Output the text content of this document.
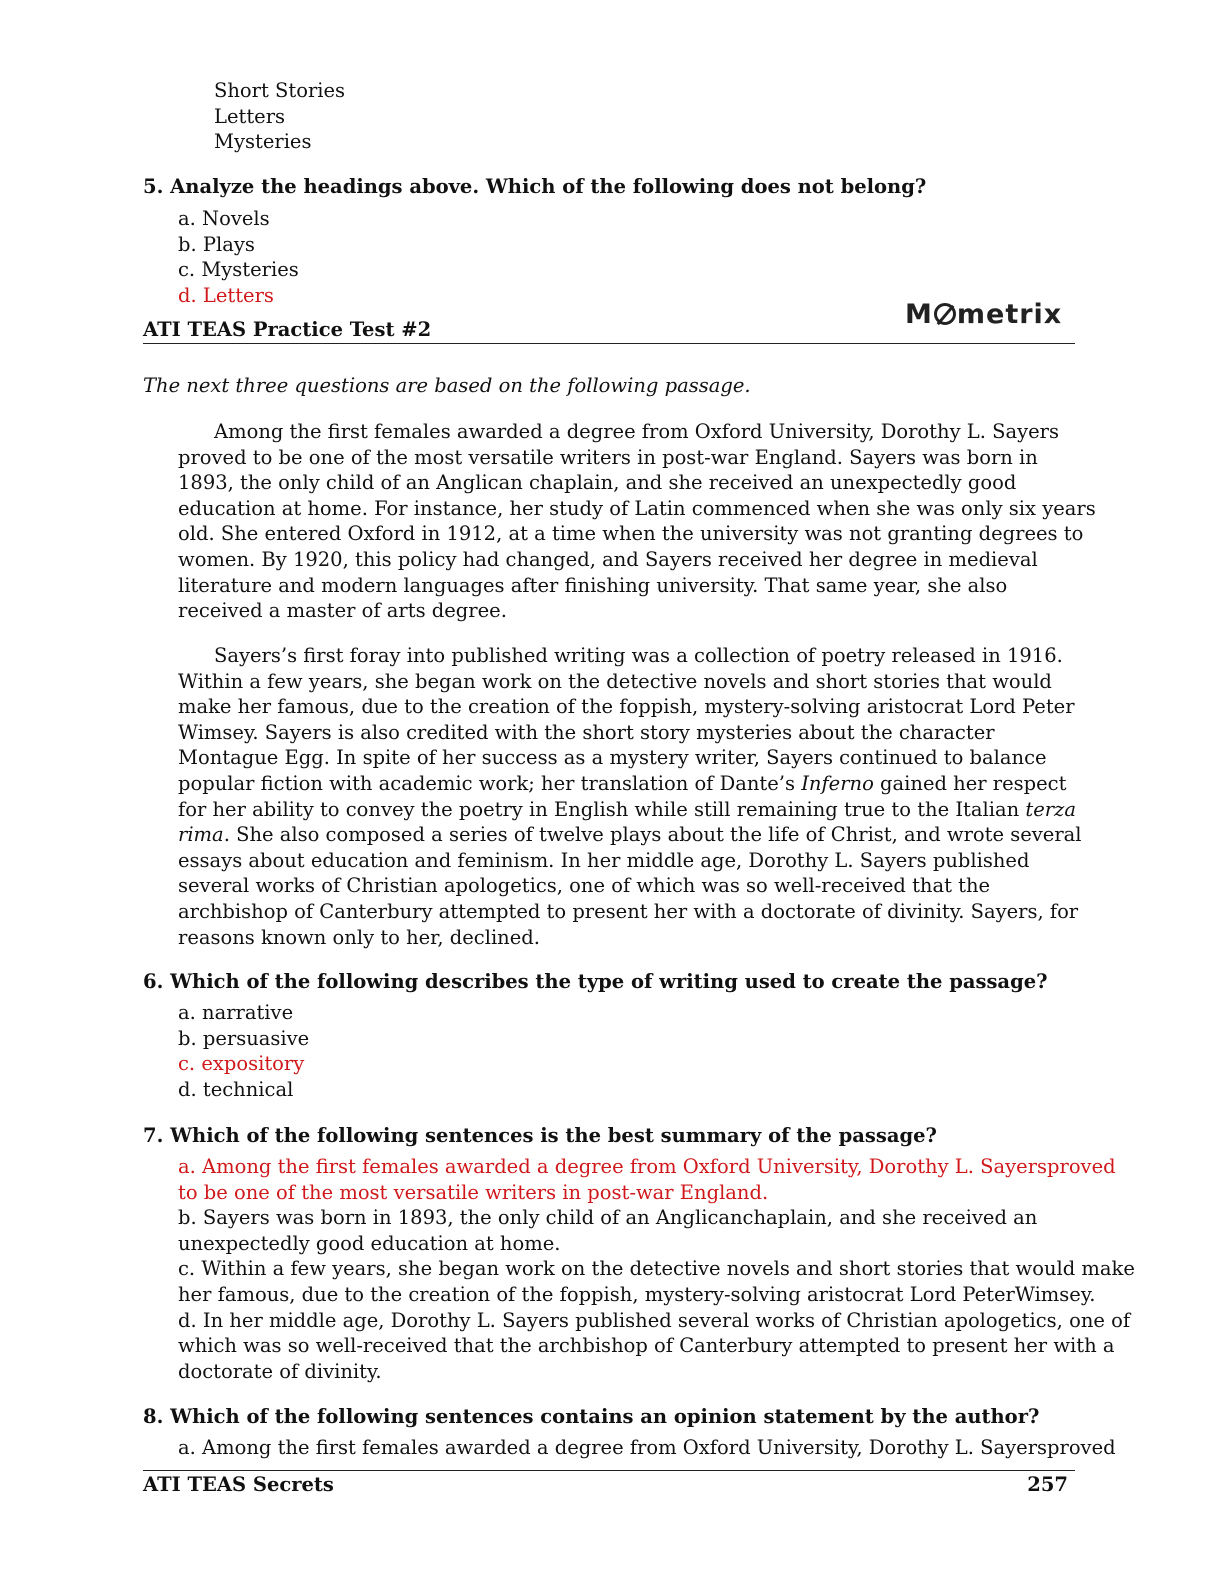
Short Stories
Letters
Mysteries
5. Analyze the headings above. Which of the following does not belong?
a. Novels
b. Plays
c. Mysteries
d. Letters
ATI TEAS Practice Test #2	M metrix
The next three questions are based on the following passage.
Among the first females awarded a degree from Oxford University, Dorothy L. Sayers
proved to be one of the most versatile writers in post-war England. Sayers was born in
1893, the only child of an Anglican chaplain, and she received an unexpectedly good
education at home. For instance, her study of Latin commenced when she was only six years
old. She entered Oxford in 1912, at a time when the university was not granting degrees to
women. By 1920, this policy had changed, and Sayers received her degree in medieval
literature and modern languages after finishing university. That same year, she also
received a master of arts degree.
Sayers’s first foray into published writing was a collection of poetry released in 1916.
Within a few years, she began work on the detective novels and short stories that would
make her famous, due to the creation of the foppish, mystery-solving aristocrat Lord Peter
Wimsey. Sayers is also credited with the short story mysteries about the character
Montague Egg. In spite of her success as a mystery writer, Sayers continued to balance
popular fiction with academic work; her translation of Dante’s Inferno gained her respect
for her ability to convey the poetry in English while still remaining true to the Italian terza
rima. She also composed a series of twelve plays about the life of Christ, and wrote several
essays about education and feminism. In her middle age, Dorothy L. Sayers published
several works of Christian apologetics, one of which was so well-received that the
archbishop of Canterbury attempted to present her with a doctorate of divinity. Sayers, for
reasons known only to her, declined.
6. Which of the following describes the type of writing used to create the passage?
a. narrative
b. persuasive
c. expository
d. technical
7. Which of the following sentences is the best summary of the passage?
a. Among the first females awarded a degree from Oxford University, Dorothy L. Sayersproved
to be one of the most versatile writers in post-war England.
b. Sayers was born in 1893, the only child of an Anglicanchaplain, and she received an
unexpectedly good education at home.
c. Within a few years, she began work on the detective novels and short stories that would make
her famous, due to the creation of the foppish, mystery-solving aristocrat Lord PeterWimsey.
d. In her middle age, Dorothy L. Sayers published several works of Christian apologetics, one of
which was so well-received that the archbishop of Canterbury attempted to present her with a
doctorate of divinity.
8. Which of the following sentences contains an opinion statement by the author?
a. Among the first females awarded a degree from Oxford University, Dorothy L. Sayersproved
ATI TEAS Secrets	257
